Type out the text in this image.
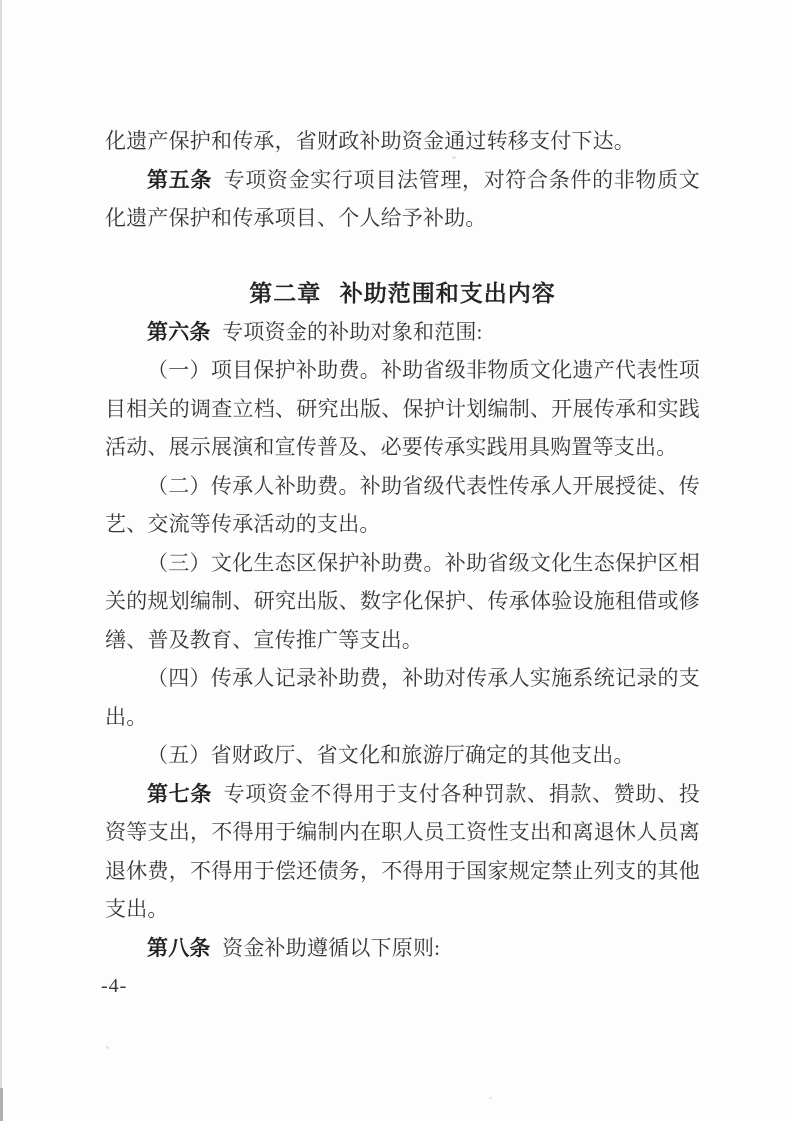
化遗产保护和传承，省财政补助资金通过转移支付下达。

第五条 专项资金实行项目法管理，对符合条件的非物质文化遗产保护和传承项目、个人给予补助。

第二章 补助范围和支出内容

第六条 专项资金的补助对象和范围:

（一）项目保护补助费。补助省级非物质文化遗产代表性项目相关的调查立档、研究出版、保护计划编制、开展传承和实践活动、展示展演和宣传普及、必要传承实践用具购置等支出。

（二）传承人补助费。补助省级代表性传承人开展授徒、传艺、交流等传承活动的支出。

（三）文化生态区保护补助费。补助省级文化生态保护区相关的规划编制、研究出版、数字化保护、传承体验设施租借或修缮、普及教育、宣传推广等支出。

（四）传承人记录补助费，补助对传承人实施系统记录的支出。

（五）省财政厅、省文化和旅游厅确定的其他支出。

第七条 专项资金不得用于支付各种罚款、捐款、赞助、投资等支出，不得用于编制内在职人员工资性支出和离退休人员离退休费，不得用于偿还债务，不得用于国家规定禁止列支的其他支出。

第八条 资金补助遵循以下原则:

-4-
